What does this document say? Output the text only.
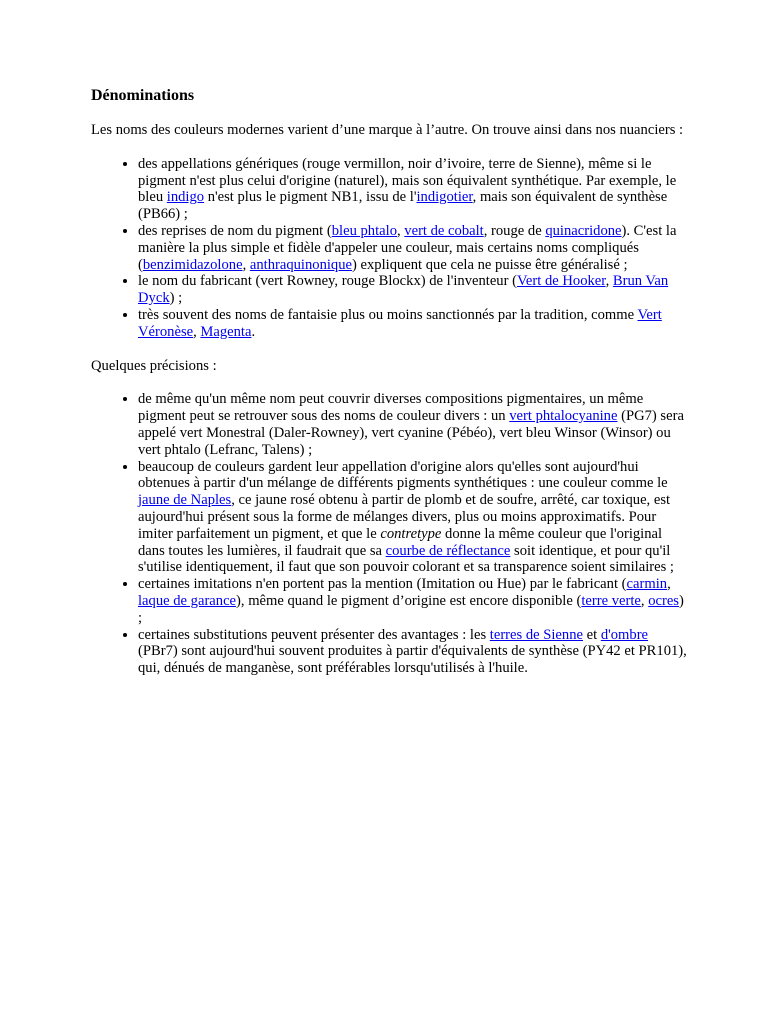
Dénominations

Les noms des couleurs modernes varient d’une marque à l’autre. On trouve ainsi dans nos nuanciers :

• des appellations génériques (rouge vermillon, noir d’ivoire, terre de Sienne), même si le pigment n'est plus celui d'origine (naturel), mais son équivalent synthétique. Par exemple, le bleu indigo n'est plus le pigment NB1, issu de l'indigotier, mais son équivalent de synthèse (PB66) ;
• des reprises de nom du pigment (bleu phtalo, vert de cobalt, rouge de quinacridone). C'est la manière la plus simple et fidèle d'appeler une couleur, mais certains noms compliqués (benzimidazolone, anthraquinonique) expliquent que cela ne puisse être généralisé ;
• le nom du fabricant (vert Rowney, rouge Blockx) de l'inventeur (Vert de Hooker, Brun Van Dyck) ;
• très souvent des noms de fantaisie plus ou moins sanctionnés par la tradition, comme Vert Véronèse, Magenta.

Quelques précisions :

• de même qu'un même nom peut couvrir diverses compositions pigmentaires, un même pigment peut se retrouver sous des noms de couleur divers : un vert phtalocyanine (PG7) sera appelé vert Monestral (Daler-Rowney), vert cyanine (Pébéo), vert bleu Winsor (Winsor) ou vert phtalo (Lefranc, Talens) ;
• beaucoup de couleurs gardent leur appellation d'origine alors qu'elles sont aujourd'hui obtenues à partir d'un mélange de différents pigments synthétiques : une couleur comme le jaune de Naples, ce jaune rosé obtenu à partir de plomb et de soufre, arrêté, car toxique, est aujourd'hui présent sous la forme de mélanges divers, plus ou moins approximatifs. Pour imiter parfaitement un pigment, et que le contretype donne la même couleur que l'original dans toutes les lumières, il faudrait que sa courbe de réflectance soit identique, et pour qu'il s'utilise identiquement, il faut que son pouvoir colorant et sa transparence soient similaires ;
• certaines imitations n'en portent pas la mention (Imitation ou Hue) par le fabricant (carmin, laque de garance), même quand le pigment d’origine est encore disponible (terre verte, ocres) ;
• certaines substitutions peuvent présenter des avantages : les terres de Sienne et d'ombre (PBr7) sont aujourd'hui souvent produites à partir d'équivalents de synthèse (PY42 et PR101), qui, dénués de manganèse, sont préférables lorsqu'utilisés à l'huile.
